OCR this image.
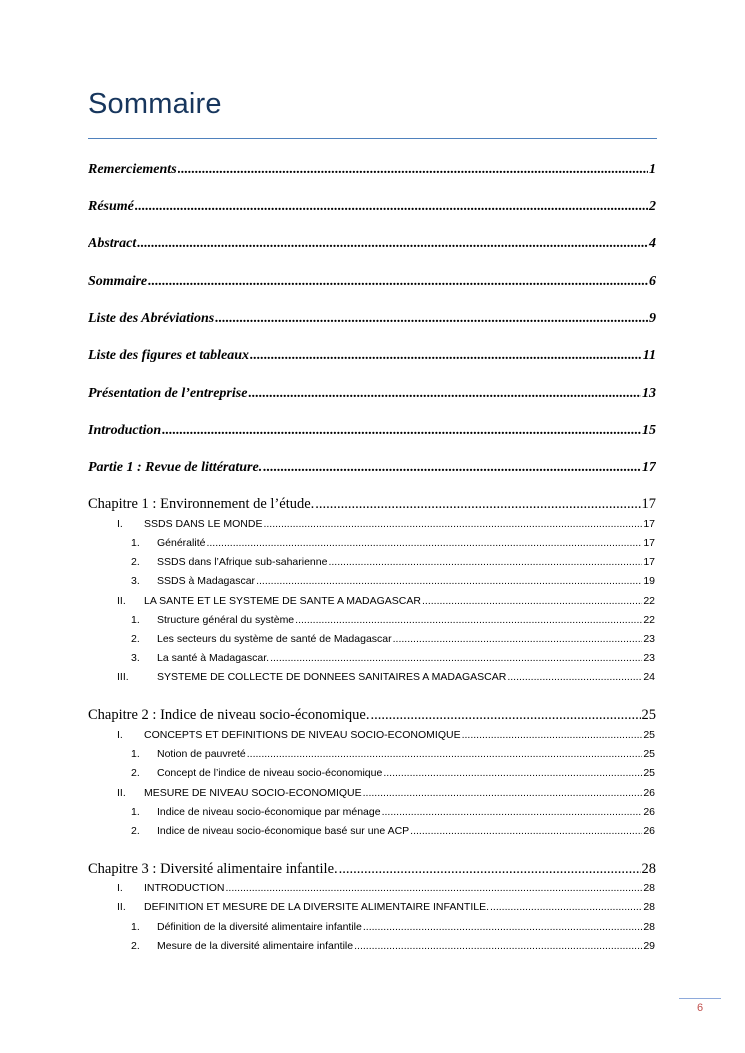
Sommaire
Remerciements .....	1
Résumé .....	2
Abstract .....	4
Sommaire .....	6
Liste des Abréviations .....	9
Liste des figures et tableaux .....	11
Présentation de l’entreprise .....	13
Introduction .....	15
Partie 1 : Revue de littérature. .....	17
Chapitre 1 : Environnement de l’étude. .....	17
I.	SSDS DANS LE MONDE .....	17
1.	Généralité .....	17
2.	SSDS dans l’Afrique sub-saharienne .....	17
3.	SSDS à Madagascar .....	19
II.	LA SANTE ET LE SYSTEME DE SANTE A MADAGASCAR .....	22
1.	Structure général du système .....	22
2.	Les secteurs du système de santé de Madagascar .....	23
3.	La santé à Madagascar. .....	23
III.	SYSTEME DE COLLECTE DE DONNEES SANITAIRES A MADAGASCAR .....	24
Chapitre 2 : Indice de niveau socio-économique. .....	25
I.	CONCEPTS ET DEFINITIONS DE NIVEAU SOCIO-ECONOMIQUE .....	25
1.	Notion de pauvreté .....	25
2.	Concept de l’indice de niveau socio-économique .....	25
II.	MESURE DE NIVEAU SOCIO-ECONOMIQUE .....	26
1.	Indice de niveau socio-économique par ménage .....	26
2.	Indice de niveau socio-économique basé sur une ACP .....	26
Chapitre 3 : Diversité alimentaire infantile. .....	28
I.	INTRODUCTION .....	28
II.	DEFINITION ET MESURE DE LA DIVERSITE ALIMENTAIRE INFANTILE. .....	28
1.	Définition de la diversité alimentaire infantile .....	28
2.	Mesure de la diversité alimentaire infantile .....	29
6
